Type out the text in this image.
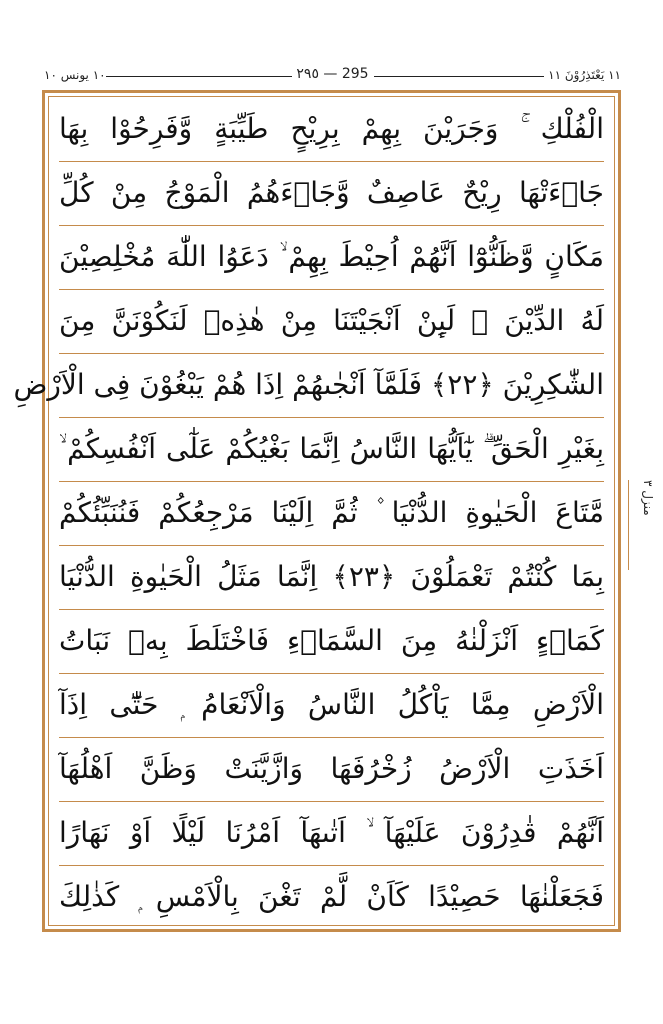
١٠ يونس ١٠	٢٩٥ — 295	١١ يَعْتَذِرُوْنَ ١١
الْفُلْكِ ۚ وَجَرَيْنَ بِهِمْ بِرِيْحٍ طَيِّبَةٍ وَّفَرِحُوْا بِهَا
جَاۤءَتْهَا رِيْحٌ عَاصِفٌ وَّجَاۤءَهُمُ الْمَوْجُ مِنْ كُلِّ
مَكَانٍ وَّظَنُّوْٓا اَنَّهُمْ اُحِيْطَ بِهِمْ ۙ دَعَوُا اللّٰهَ مُخْلِصِيْنَ
لَهُ الدِّيْنَ ۚ لَىِٕنْ اَنْجَيْتَنَا مِنْ هٰذِهٖ لَنَكُوْنَنَّ مِنَ
الشّٰكِرِيْنَ ﴿٢٢﴾ فَلَمَّآ اَنْجٰىهُمْ اِذَا هُمْ يَبْغُوْنَ فِى الْاَرْضِ
بِغَيْرِ الْحَقِّ ۗ يٰٓاَيُّهَا النَّاسُ اِنَّمَا بَغْيُكُمْ عَلٰٓى اَنْفُسِكُمْ ۙ
مَّتَاعَ الْحَيٰوةِ الدُّنْيَا ۫ ثُمَّ اِلَيْنَا مَرْجِعُكُمْ فَنُنَبِّئُكُمْ
بِمَا كُنْتُمْ تَعْمَلُوْنَ ﴿٢٣﴾ اِنَّمَا مَثَلُ الْحَيٰوةِ الدُّنْيَا
كَمَاۤءٍ اَنْزَلْنٰهُ مِنَ السَّمَاۤءِ فَاخْتَلَطَ بِهٖ نَبَاتُ
الْاَرْضِ مِمَّا يَاْكُلُ النَّاسُ وَالْاَنْعَامُ ۭ حَتّٰٓى اِذَآ
اَخَذَتِ الْاَرْضُ زُخْرُفَهَا وَازَّيَّنَتْ وَظَنَّ اَهْلُهَآ
اَنَّهُمْ قٰدِرُوْنَ عَلَيْهَآ ۙ اَتٰىهَآ اَمْرُنَا لَيْلًا اَوْ نَهَارًا
فَجَعَلْنٰهَا حَصِيْدًا كَاَنْ لَّمْ تَغْنَ بِالْاَمْسِ ۭ كَذٰلِكَ
منزل ٣
